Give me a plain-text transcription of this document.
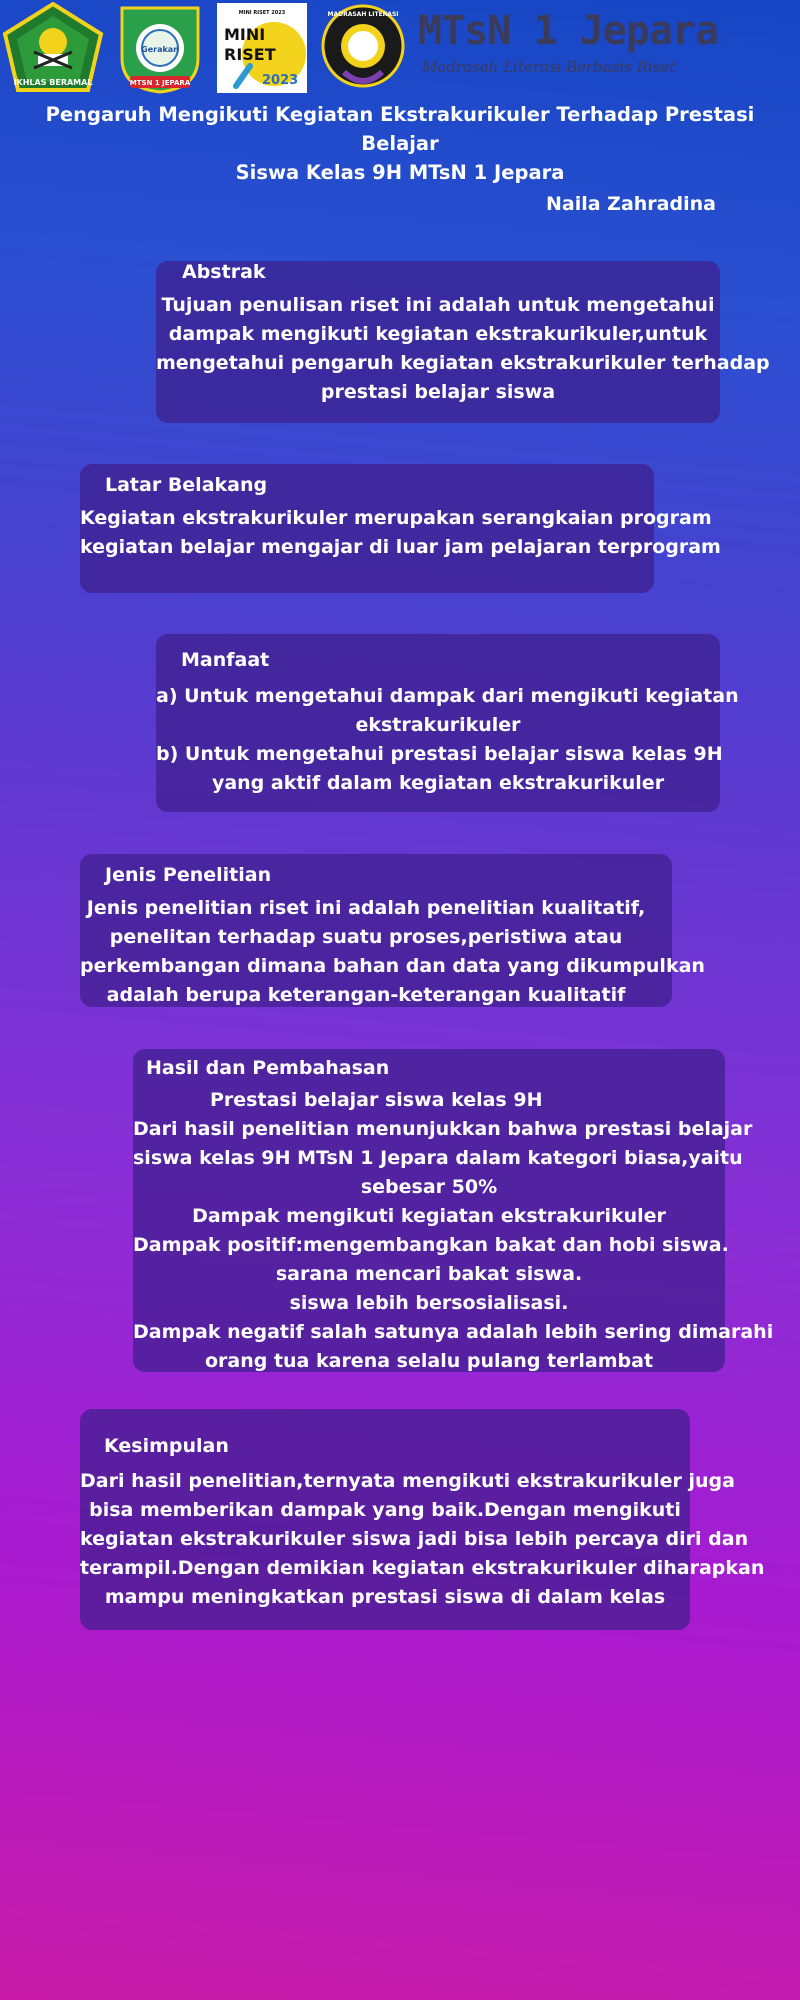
IKHLAS BERAMAL
Gerakan
MTSN 1 JEPARA
MINI
RISET
2023
MINI RISET 2023	MADRASAH LITERASI MTsN 1 Jepara
Madrasah Literasi Berbasis Riset
Pengaruh Mengikuti Kegiatan Ekstrakurikuler Terhadap Prestasi Belajar
Siswa Kelas 9H MTsN 1 Jepara
Naila Zahradina
Abstrak
Tujuan penulisan riset ini adalah untuk mengetahui
dampak mengikuti kegiatan ekstrakurikuler,untuk
mengetahui pengaruh kegiatan ekstrakurikuler terhadap
prestasi belajar siswa
Latar Belakang
Kegiatan ekstrakurikuler merupakan serangkaian program
kegiatan belajar mengajar di luar jam pelajaran terprogram
Manfaat
a) Untuk mengetahui dampak dari mengikuti kegiatan
ekstrakurikuler
b) Untuk mengetahui prestasi belajar siswa kelas 9H
yang aktif dalam kegiatan ekstrakurikuler
Jenis Penelitian
Jenis penelitian riset ini adalah penelitian kualitatif,
penelitan terhadap suatu proses,peristiwa atau
perkembangan dimana bahan dan data yang dikumpulkan
adalah berupa keterangan-keterangan kualitatif
Hasil dan Pembahasan
Prestasi belajar siswa kelas 9H
Dari hasil penelitian menunjukkan bahwa prestasi belajar
siswa kelas 9H MTsN 1 Jepara dalam kategori biasa,yaitu
sebesar 50%
Dampak mengikuti kegiatan ekstrakurikuler
Dampak positif:mengembangkan bakat dan hobi siswa.
sarana mencari bakat siswa.
siswa lebih bersosialisasi.
Dampak negatif salah satunya adalah lebih sering dimarahi
orang tua karena selalu pulang terlambat
Kesimpulan
Dari hasil penelitian,ternyata mengikuti ekstrakurikuler juga
bisa memberikan dampak yang baik.Dengan mengikuti
kegiatan ekstrakurikuler siswa jadi bisa lebih percaya diri dan
terampil.Dengan demikian kegiatan ekstrakurikuler diharapkan
mampu meningkatkan prestasi siswa di dalam kelas
